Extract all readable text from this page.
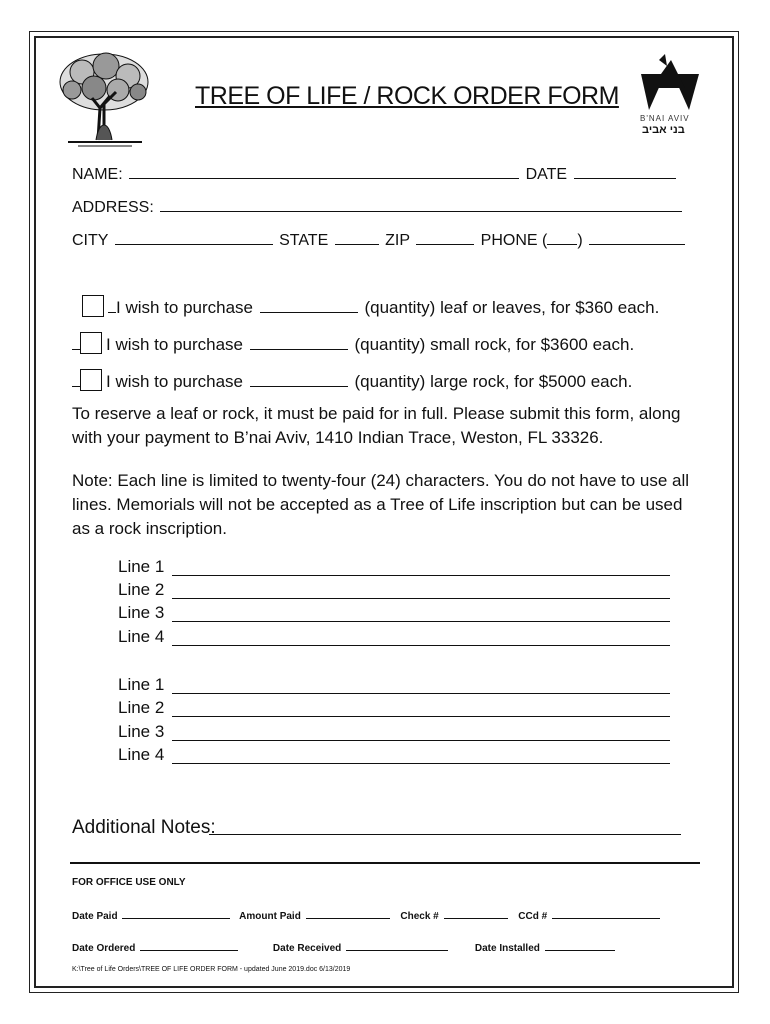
TREE OF LIFE / ROCK ORDER FORM
B'NAI AVIV
בני אביב
NAME:	DATE
ADDRESS:
CITY	STATE	ZIP	PHONE ( )
I wish to purchase	(quantity) leaf or leaves, for $360 each.
I wish to purchase	(quantity) small rock, for $3600 each.
I wish to purchase	(quantity) large rock, for $5000 each.
To reserve a leaf or rock, it must be paid for in full. Please submit this form, along with your payment to B’nai Aviv, 1410 Indian Trace, Weston, FL 33326.
Note: Each line is limited to twenty-four (24) characters. You do not have to use all lines. Memorials will not be accepted as a Tree of Life inscription but can be used as a rock inscription.
Line 1
Line 2
Line 3
Line 4
Line 1
Line 2
Line 3
Line 4
Additional Notes:
FOR OFFICE USE ONLY
Date Paid	Amount Paid	Check #	CCd #
Date Ordered	Date Received	Date Installed
K:\Tree of Life Orders\TREE OF LIFE ORDER FORM - updated June 2019.doc 6/13/2019
